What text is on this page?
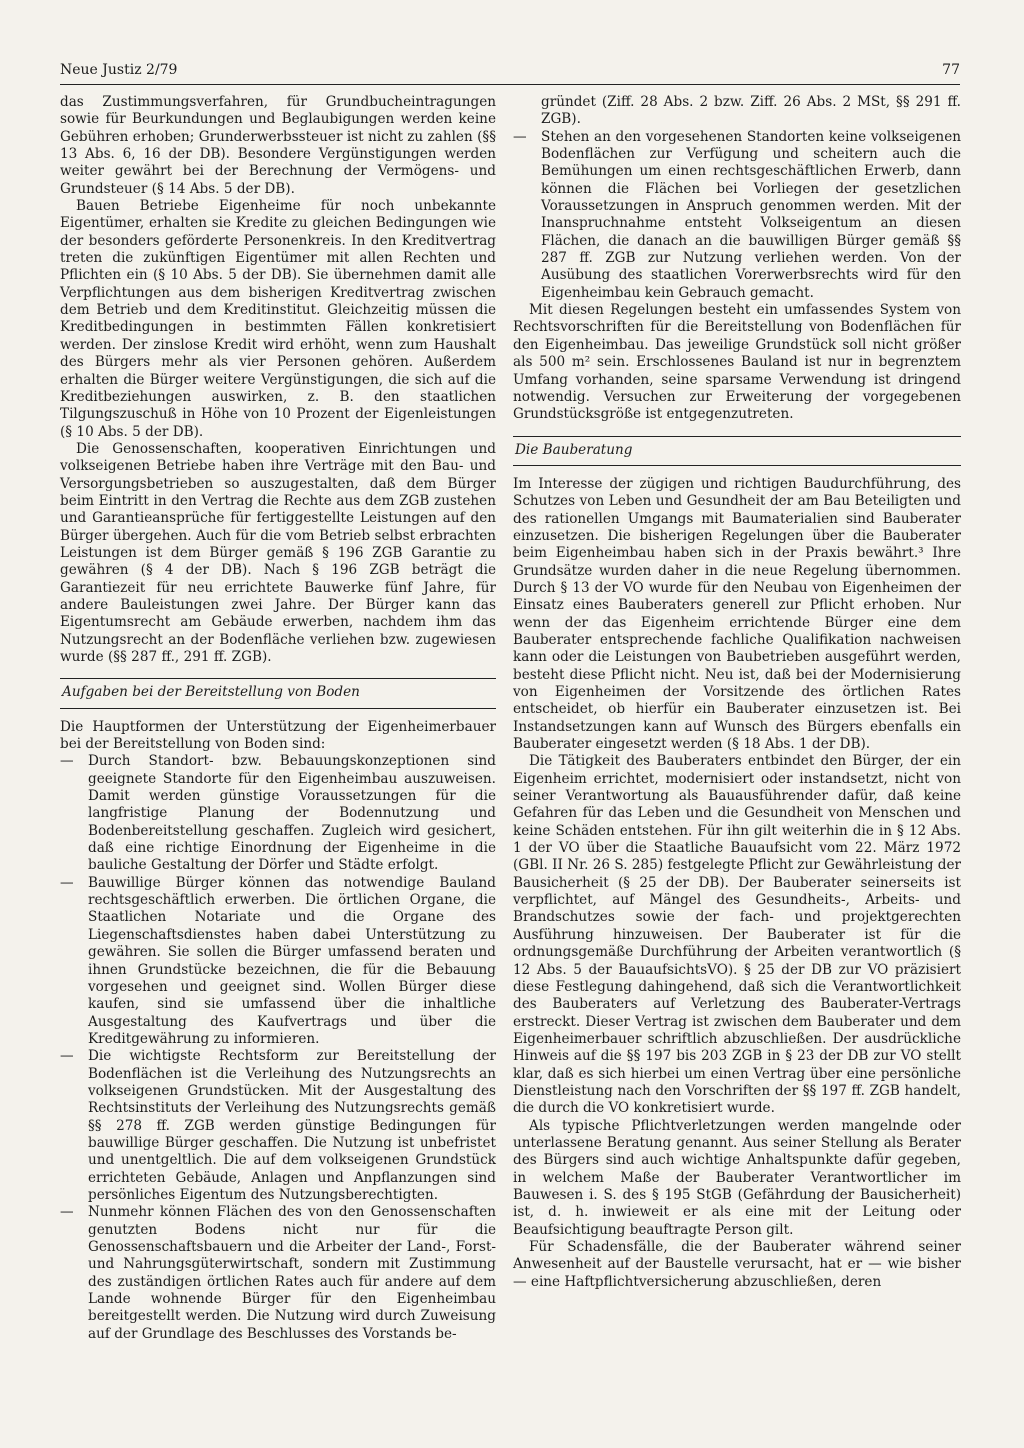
Neue Justiz 2/79	77

das Zustimmungsverfahren, für Grundbucheintragungen sowie für Beurkundungen und Beglaubigungen werden keine Gebühren erhoben; Grunderwerbssteuer ist nicht zu zahlen (§§ 13 Abs. 6, 16 der DB). Besondere Vergünstigungen werden weiter gewährt bei der Berechnung der Vermögens- und Grundsteuer (§ 14 Abs. 5 der DB).

Bauen Betriebe Eigenheime für noch unbekannte Eigentümer, erhalten sie Kredite zu gleichen Bedingungen wie der besonders geförderte Personenkreis. In den Kreditvertrag treten die zukünftigen Eigentümer mit allen Rechten und Pflichten ein (§ 10 Abs. 5 der DB). Sie übernehmen damit alle Verpflichtungen aus dem bisherigen Kreditvertrag zwischen dem Betrieb und dem Kreditinstitut. Gleichzeitig müssen die Kreditbedingungen in bestimmten Fällen konkretisiert werden. Der zinslose Kredit wird erhöht, wenn zum Haushalt des Bürgers mehr als vier Personen gehören. Außerdem erhalten die Bürger weitere Vergünstigungen, die sich auf die Kreditbeziehungen auswirken, z. B. den staatlichen Tilgungszuschuß in Höhe von 10 Prozent der Eigenleistungen (§ 10 Abs. 5 der DB).

Die Genossenschaften, kooperativen Einrichtungen und volkseigenen Betriebe haben ihre Verträge mit den Bau- und Versorgungsbetrieben so auszugestalten, daß dem Bürger beim Eintritt in den Vertrag die Rechte aus dem ZGB zustehen und Garantieansprüche für fertiggestellte Leistungen auf den Bürger übergehen. Auch für die vom Betrieb selbst erbrachten Leistungen ist dem Bürger gemäß § 196 ZGB Garantie zu gewähren (§ 4 der DB). Nach § 196 ZGB beträgt die Garantiezeit für neu errichtete Bauwerke fünf Jahre, für andere Bauleistungen zwei Jahre. Der Bürger kann das Eigentumsrecht am Gebäude erwerben, nachdem ihm das Nutzungsrecht an der Bodenfläche verliehen bzw. zugewiesen wurde (§§ 287 ff., 291 ff. ZGB).

Aufgaben bei der Bereitstellung von Boden

Die Hauptformen der Unterstützung der Eigenheimerbauer bei der Bereitstellung von Boden sind:

— Durch Standort- bzw. Bebauungskonzeptionen sind geeignete Standorte für den Eigenheimbau auszuweisen. Damit werden günstige Voraussetzungen für die langfristige Planung der Bodennutzung und Bodenbereitstellung geschaffen. Zugleich wird gesichert, daß eine richtige Einordnung der Eigenheime in die bauliche Gestaltung der Dörfer und Städte erfolgt.
— Bauwillige Bürger können das notwendige Bauland rechtsgeschäftlich erwerben. Die örtlichen Organe, die Staatlichen Notariate und die Organe des Liegenschaftsdienstes haben dabei Unterstützung zu gewähren. Sie sollen die Bürger umfassend beraten und ihnen Grundstücke bezeichnen, die für die Bebauung vorgesehen und geeignet sind. Wollen Bürger diese kaufen, sind sie umfassend über die inhaltliche Ausgestaltung des Kaufvertrags und über die Kreditgewährung zu informieren.
— Die wichtigste Rechtsform zur Bereitstellung der Bodenflächen ist die Verleihung des Nutzungsrechts an volkseigenen Grundstücken. Mit der Ausgestaltung des Rechtsinstituts der Verleihung des Nutzungsrechts gemäß §§ 278 ff. ZGB werden günstige Bedingungen für bauwillige Bürger geschaffen. Die Nutzung ist unbefristet und unentgeltlich. Die auf dem volkseigenen Grundstück errichteten Gebäude, Anlagen und Anpflanzungen sind persönliches Eigentum des Nutzungsberechtigten.
— Nunmehr können Flächen des von den Genossenschaften genutzten Bodens nicht nur für die Genossenschaftsbauern und die Arbeiter der Land-, Forst- und Nahrungsgüterwirtschaft, sondern mit Zustimmung des zuständigen örtlichen Rates auch für andere auf dem Lande wohnende Bürger für den Eigenheimbau bereitgestellt werden. Die Nutzung wird durch Zuweisung auf der Grundlage des Beschlusses des Vorstands be-

gründet (Ziff. 28 Abs. 2 bzw. Ziff. 26 Abs. 2 MSt, §§ 291 ff. ZGB).

— Stehen an den vorgesehenen Standorten keine volkseigenen Bodenflächen zur Verfügung und scheitern auch die Bemühungen um einen rechtsgeschäftlichen Erwerb, dann können die Flächen bei Vorliegen der gesetzlichen Voraussetzungen in Anspruch genommen werden. Mit der Inanspruchnahme entsteht Volkseigentum an diesen Flächen, die danach an die bauwilligen Bürger gemäß §§ 287 ff. ZGB zur Nutzung verliehen werden. Von der Ausübung des staatlichen Vorerwerbsrechts wird für den Eigenheimbau kein Gebrauch gemacht.

Mit diesen Regelungen besteht ein umfassendes System von Rechtsvorschriften für die Bereitstellung von Bodenflächen für den Eigenheimbau. Das jeweilige Grundstück soll nicht größer als 500 m² sein. Erschlossenes Bauland ist nur in begrenztem Umfang vorhanden, seine sparsame Verwendung ist dringend notwendig. Versuchen zur Erweiterung der vorgegebenen Grundstücksgröße ist entgegenzutreten.

Die Bauberatung

Im Interesse der zügigen und richtigen Baudurchführung, des Schutzes von Leben und Gesundheit der am Bau Beteiligten und des rationellen Umgangs mit Baumaterialien sind Bauberater einzusetzen. Die bisherigen Regelungen über die Bauberater beim Eigenheimbau haben sich in der Praxis bewährt.³ Ihre Grundsätze wurden daher in die neue Regelung übernommen. Durch § 13 der VO wurde für den Neubau von Eigenheimen der Einsatz eines Bauberaters generell zur Pflicht erhoben. Nur wenn der das Eigenheim errichtende Bürger eine dem Bauberater entsprechende fachliche Qualifikation nachweisen kann oder die Leistungen von Baubetrieben ausgeführt werden, besteht diese Pflicht nicht. Neu ist, daß bei der Modernisierung von Eigenheimen der Vorsitzende des örtlichen Rates entscheidet, ob hierfür ein Bauberater einzusetzen ist. Bei Instandsetzungen kann auf Wunsch des Bürgers ebenfalls ein Bauberater eingesetzt werden (§ 18 Abs. 1 der DB).

Die Tätigkeit des Bauberaters entbindet den Bürger, der ein Eigenheim errichtet, modernisiert oder instandsetzt, nicht von seiner Verantwortung als Bauausführender dafür, daß keine Gefahren für das Leben und die Gesundheit von Menschen und keine Schäden entstehen. Für ihn gilt weiterhin die in § 12 Abs. 1 der VO über die Staatliche Bauaufsicht vom 22. März 1972 (GBl. II Nr. 26 S. 285) festgelegte Pflicht zur Gewährleistung der Bausicherheit (§ 25 der DB). Der Bauberater seinerseits ist verpflichtet, auf Mängel des Gesundheits-, Arbeits- und Brandschutzes sowie der fach- und projektgerechten Ausführung hinzuweisen. Der Bauberater ist für die ordnungsgemäße Durchführung der Arbeiten verantwortlich (§ 12 Abs. 5 der BauaufsichtsVO). § 25 der DB zur VO präzisiert diese Festlegung dahingehend, daß sich die Verantwortlichkeit des Bauberaters auf Verletzung des Bauberater-Vertrags erstreckt. Dieser Vertrag ist zwischen dem Bauberater und dem Eigenheimerbauer schriftlich abzuschließen. Der ausdrückliche Hinweis auf die §§ 197 bis 203 ZGB in § 23 der DB zur VO stellt klar, daß es sich hierbei um einen Vertrag über eine persönliche Dienstleistung nach den Vorschriften der §§ 197 ff. ZGB handelt, die durch die VO konkretisiert wurde.

Als typische Pflichtverletzungen werden mangelnde oder unterlassene Beratung genannt. Aus seiner Stellung als Berater des Bürgers sind auch wichtige Anhaltspunkte dafür gegeben, in welchem Maße der Bauberater Verantwortlicher im Bauwesen i. S. des § 195 StGB (Gefährdung der Bausicherheit) ist, d. h. inwieweit er als eine mit der Leitung oder Beaufsichtigung beauftragte Person gilt.

Für Schadensfälle, die der Bauberater während seiner Anwesenheit auf der Baustelle verursacht, hat er — wie bisher — eine Haftpflichtversicherung abzuschließen, deren
